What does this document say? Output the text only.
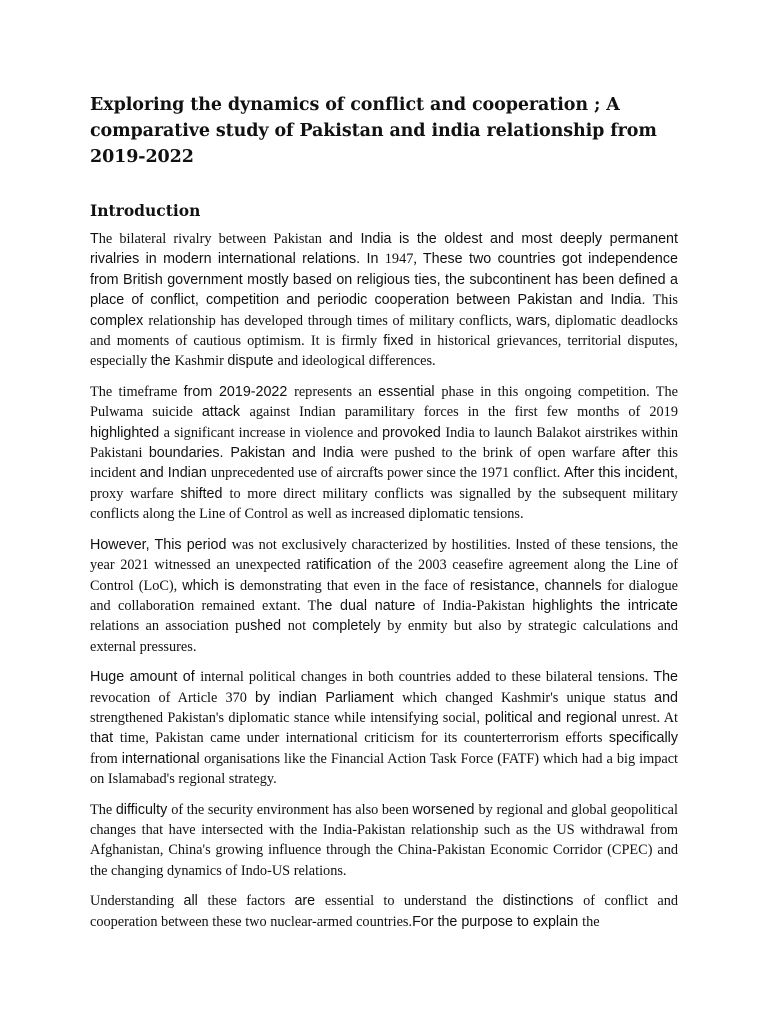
Exploring the dynamics of conflict and cooperation ; A comparative study of Pakistan and india relationship from 2019-2022
Introduction

The bilateral rivalry between Pakistan and India is the oldest and most deeply permanent rivalries in modern international relations. In 1947, These two countries got independence from British government mostly based on religious ties, the subcontinent has been defined a place of conflict, competition and periodic cooperation between Pakistan and India. This complex relationship has developed through times of military conflicts, wars, diplomatic deadlocks and moments of cautious optimism. It is firmly fixed in historical grievances, territorial disputes, especially the Kashmir dispute and ideological differences.

The timeframe from 2019-2022 represents an essential phase in this ongoing competition. The Pulwama suicide attack against Indian paramilitary forces in the first few months of 2019 highlighted a significant increase in violence and provoked India to launch Balakot airstrikes within Pakistani boundaries. Pakistan and India were pushed to the brink of open warfare after this incident and Indian unprecedented use of aircrafts power since the 1971 conflict. After this incident, proxy warfare shifted to more direct military conflicts was signalled by the subsequent military conflicts along the Line of Control as well as increased diplomatic tensions.

However, This period was not exclusively characterized by hostilities. Insted of these tensions, the year 2021 witnessed an unexpected ratification of the 2003 ceasefire agreement along the Line of Control (LoC), which is demonstrating that even in the face of resistance, channels for dialogue and collaboration remained extant. The dual nature of India-Pakistan highlights the intricate relations an association pushed not completely by enmity but also by strategic calculations and external pressures.

Huge amount of internal political changes in both countries added to these bilateral tensions. The revocation of Article 370 by indian Parliament which changed Kashmir's unique status and strengthened Pakistan's diplomatic stance while intensifying social, political and regional unrest. At that time, Pakistan came under international criticism for its counterterrorism efforts specifically from international organisations like the Financial Action Task Force (FATF) which had a big impact on Islamabad's regional strategy.

The difficulty of the security environment has also been worsened by regional and global geopolitical changes that have intersected with the India-Pakistan relationship such as the US withdrawal from Afghanistan, China's growing influence through the China-Pakistan Economic Corridor (CPEC) and the changing dynamics of Indo-US relations.

Understanding all these factors are essential to understand the distinctions of conflict and cooperation between these two nuclear-armed countries.For the purpose to explain the
